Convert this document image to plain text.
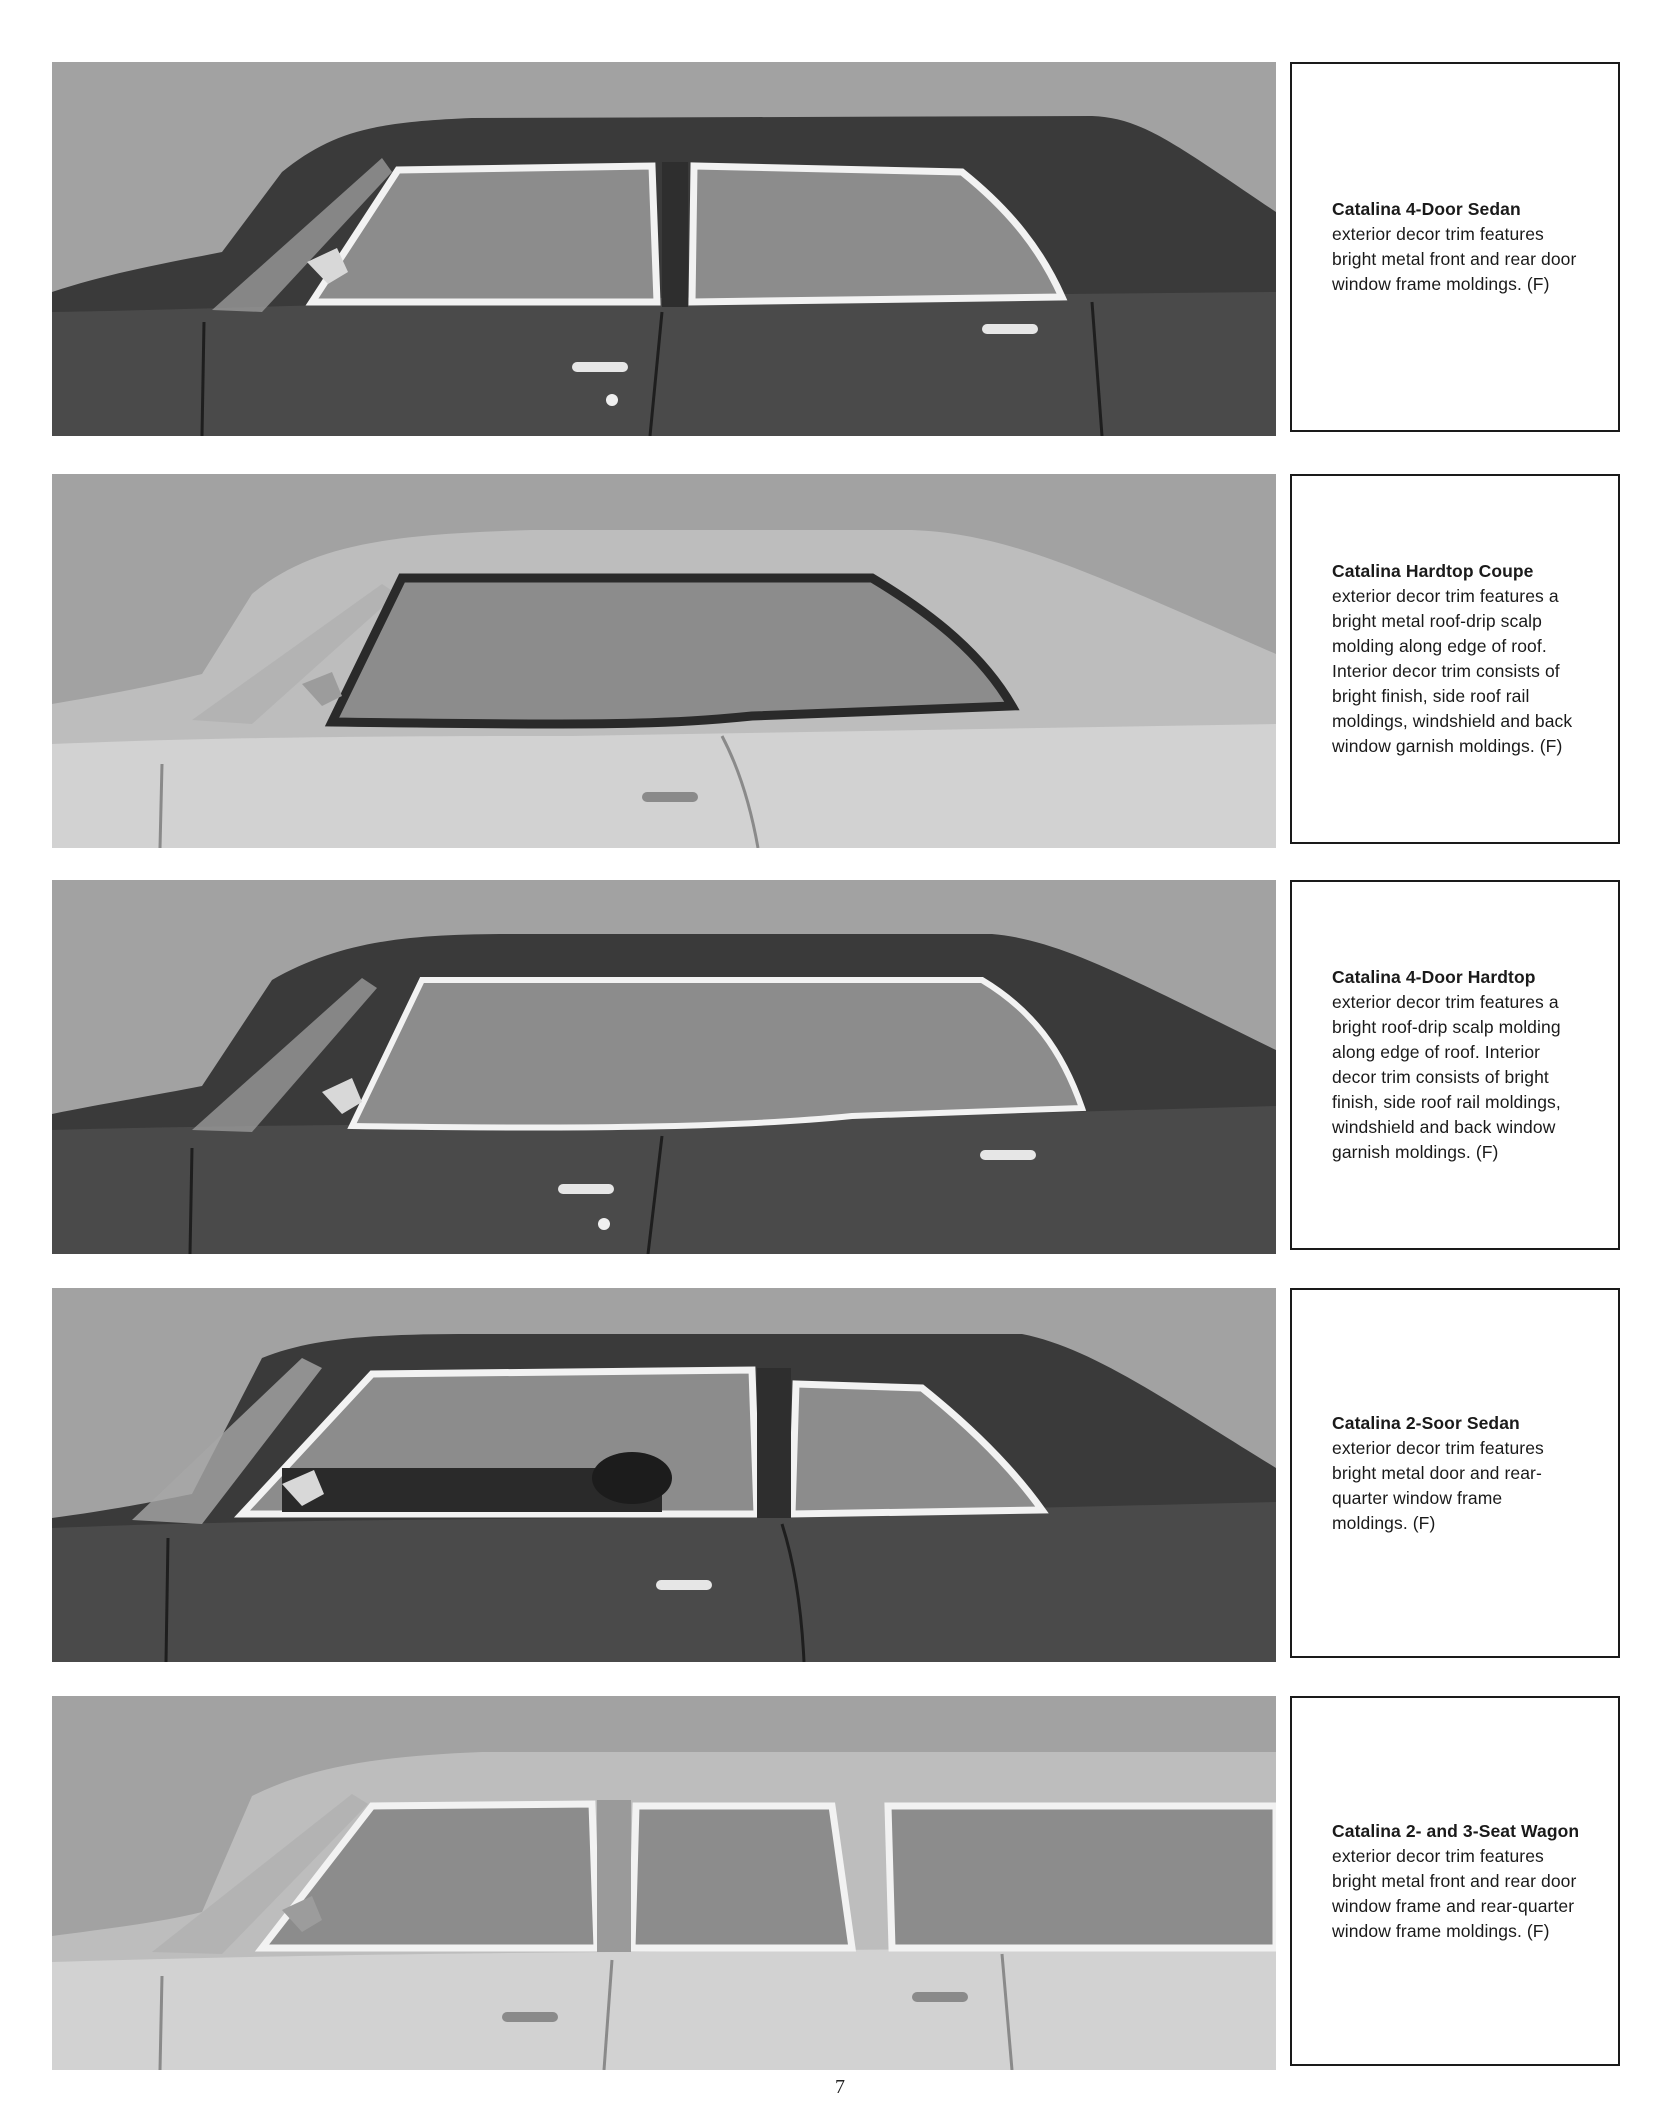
Catalina 4-Door Sedan
exterior decor trim features bright metal front and rear door window frame moldings. (F)

Catalina Hardtop Coupe
exterior decor trim features a bright metal roof-drip scalp molding along edge of roof. Interior decor trim consists of bright finish, side roof rail moldings, windshield and back window garnish moldings. (F)

Catalina 4-Door Hardtop
exterior decor trim features a bright roof-drip scalp molding along edge of roof. Interior decor trim consists of bright finish, side roof rail moldings, windshield and back window garnish moldings. (F)

Catalina 2-Soor Sedan
exterior decor trim features bright metal door and rear-quarter window frame moldings. (F)

Catalina 2- and 3-Seat Wagon exterior decor trim features bright metal front and rear door window frame and rear-quarter window frame moldings. (F)

7
